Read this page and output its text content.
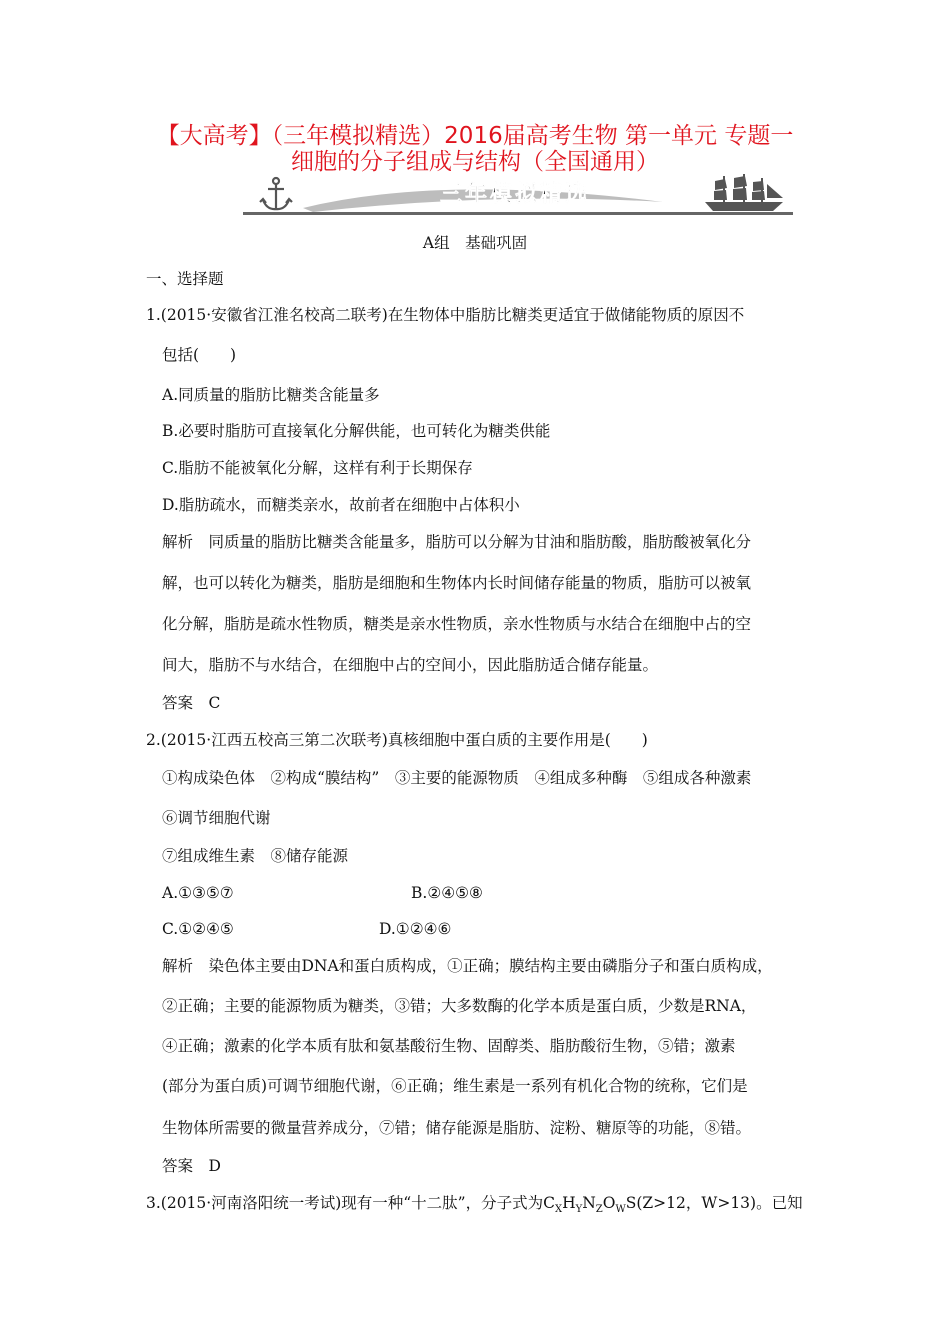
【大高考】（三年模拟精选）2016届高考生物 第一单元 专题一
细胞的分子组成与结构（全国通用）
三年模拟精选
A组　基础巩固
一、选择题
1.(2015·安徽省江淮名校高二联考)在生物体中脂肪比糖类更适宜于做储能物质的原因不
包括(　　)
A.同质量的脂肪比糖类含能量多
B.必要时脂肪可直接氧化分解供能，也可转化为糖类供能
C.脂肪不能被氧化分解，这样有利于长期保存
D.脂肪疏水，而糖类亲水，故前者在细胞中占体积小
解析　同质量的脂肪比糖类含能量多，脂肪可以分解为甘油和脂肪酸，脂肪酸被氧化分
解，也可以转化为糖类，脂肪是细胞和生物体内长时间储存能量的物质，脂肪可以被氧
化分解，脂肪是疏水性物质，糖类是亲水性物质，亲水性物质与水结合在细胞中占的空
间大，脂肪不与水结合，在细胞中占的空间小，因此脂肪适合储存能量。
答案　C
2.(2015·江西五校高三第二次联考)真核细胞中蛋白质的主要作用是(　　)
①构成染色体　②构成“膜结构”　③主要的能源物质　④组成多种酶　⑤组成各种激素
⑥调节细胞代谢
⑦组成维生素　⑧储存能源
A.①③⑤⑦	B.②④⑤⑧
C.①②④⑤	D.①②④⑥
解析　染色体主要由DNA和蛋白质构成，①正确；膜结构主要由磷脂分子和蛋白质构成，
②正确；主要的能源物质为糖类，③错；大多数酶的化学本质是蛋白质，少数是RNA，
④正确；激素的化学本质有肽和氨基酸衍生物、固醇类、脂肪酸衍生物，⑤错；激素
(部分为蛋白质)可调节细胞代谢，⑥正确；维生素是一系列有机化合物的统称，它们是
生物体所需要的微量营养成分，⑦错；储存能源是脂肪、淀粉、糖原等的功能，⑧错。
答案　D
3.(2015·河南洛阳统一考试)现有一种“十二肽”，分子式为$C_XH_YN_ZO_WS(Z>12$，W>13)。已知
